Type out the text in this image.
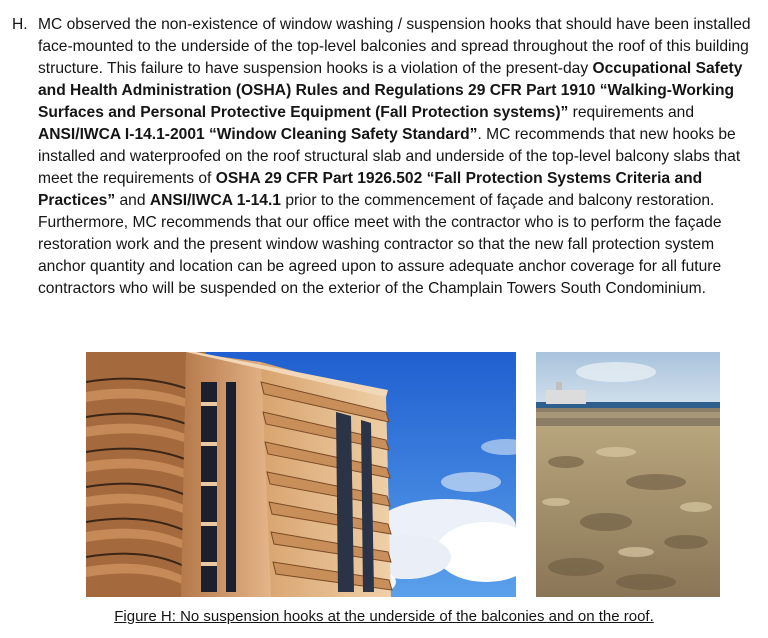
H. MC observed the non-existence of window washing / suspension hooks that should have been installed face-mounted to the underside of the top-level balconies and spread throughout the roof of this building structure. This failure to have suspension hooks is a violation of the present-day Occupational Safety and Health Administration (OSHA) Rules and Regulations 29 CFR Part 1910 “Walking-Working Surfaces and Personal Protective Equipment (Fall Protection systems)” requirements and ANSI/IWCA I-14.1-2001 “Window Cleaning Safety Standard”. MC recommends that new hooks be installed and waterproofed on the roof structural slab and underside of the top-level balcony slabs that meet the requirements of OSHA 29 CFR Part 1926.502 “Fall Protection Systems Criteria and Practices” and ANSI/IWCA 1-14.1 prior to the commencement of façade and balcony restoration. Furthermore, MC recommends that our office meet with the contractor who is to perform the façade restoration work and the present window washing contractor so that the new fall protection system anchor quantity and location can be agreed upon to assure adequate anchor coverage for all future contractors who will be suspended on the exterior of the Champlain Towers South Condominium.

Figure H: No suspension hooks at the underside of the balconies and on the roof.
